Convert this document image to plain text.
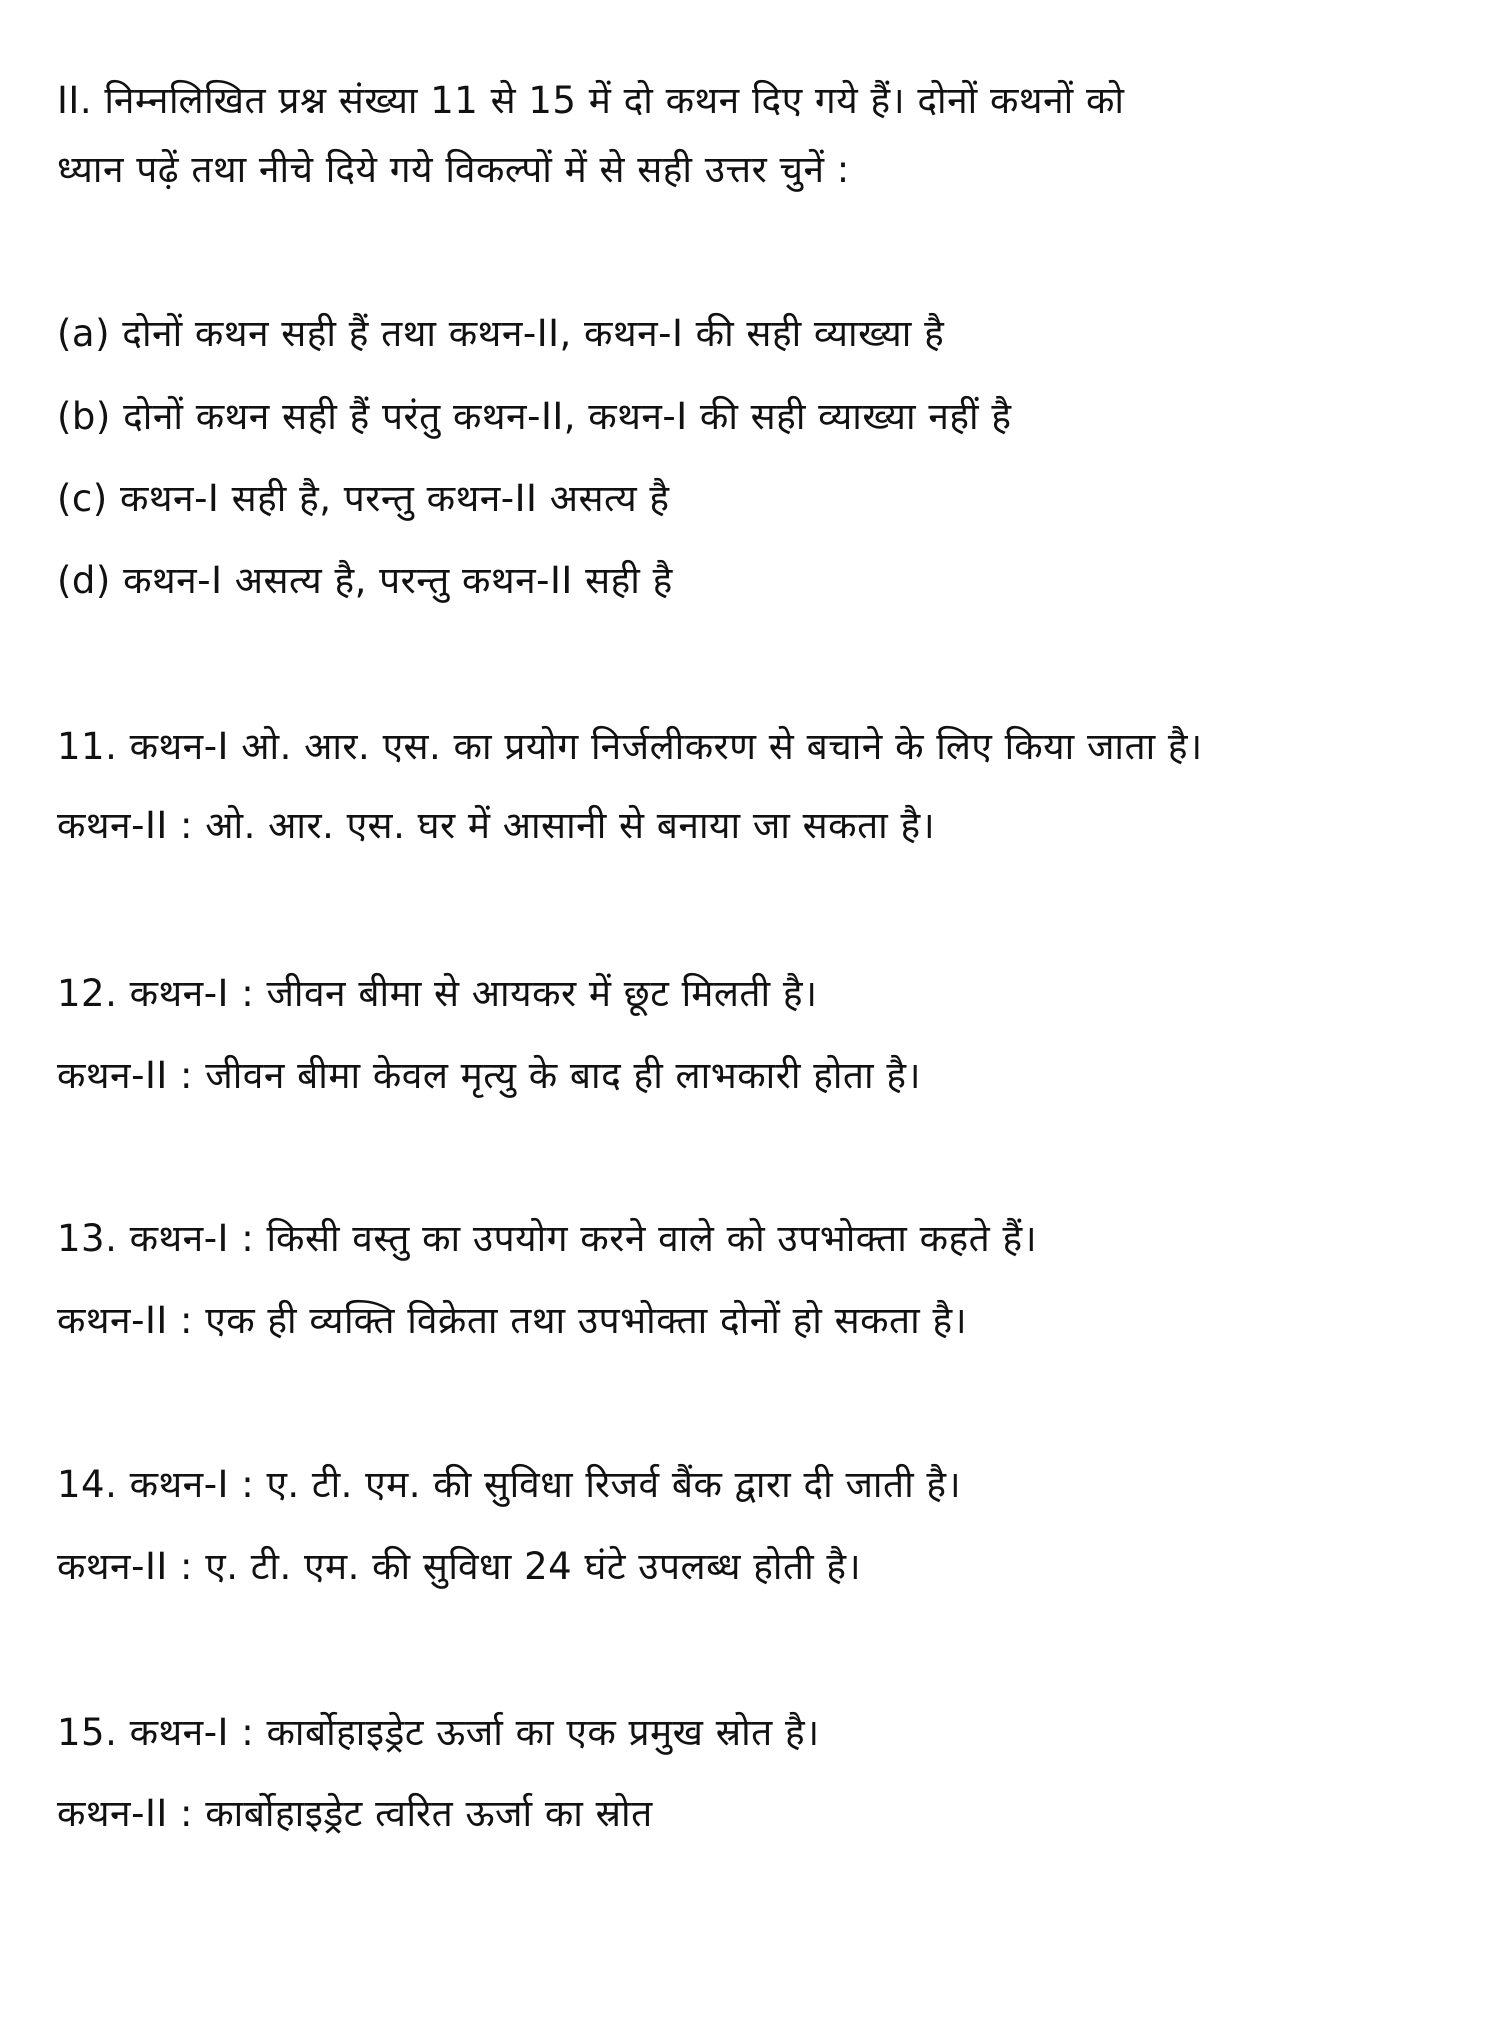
II. निम्नलिखित प्रश्न संख्या 11 से 15 में दो कथन दिए गये हैं। दोनों कथनों को
ध्यान पढ़ें तथा नीचे दिये गये विकल्पों में से सही उत्तर चुनें :
(a) दोनों कथन सही हैं तथा कथन-II, कथन-I की सही व्याख्या है
(b) दोनों कथन सही हैं परंतु कथन-II, कथन-I की सही व्याख्या नहीं है
(c) कथन-I सही है, परन्तु कथन-II असत्य है
(d) कथन-I असत्य है, परन्तु कथन-II सही है
11. कथन-I ओ. आर. एस. का प्रयोग निर्जलीकरण से बचाने के लिए किया जाता है।
कथन-II : ओ. आर. एस. घर में आसानी से बनाया जा सकता है।
12. कथन-I : जीवन बीमा से आयकर में छूट मिलती है।
कथन-II : जीवन बीमा केवल मृत्यु के बाद ही लाभकारी होता है।
13. कथन-I : किसी वस्तु का उपयोग करने वाले को उपभोक्ता कहते हैं।
कथन-II : एक ही व्यक्ति विक्रेता तथा उपभोक्ता दोनों हो सकता है।
14. कथन-I : ए. टी. एम. की सुविधा रिजर्व बैंक द्वारा दी जाती है।
कथन-II : ए. टी. एम. की सुविधा 24 घंटे उपलब्ध होती है।
15. कथन-I : कार्बोहाइड्रेट ऊर्जा का एक प्रमुख स्रोत है।
कथन-II : कार्बोहाइड्रेट त्वरित ऊर्जा का स्रोत
